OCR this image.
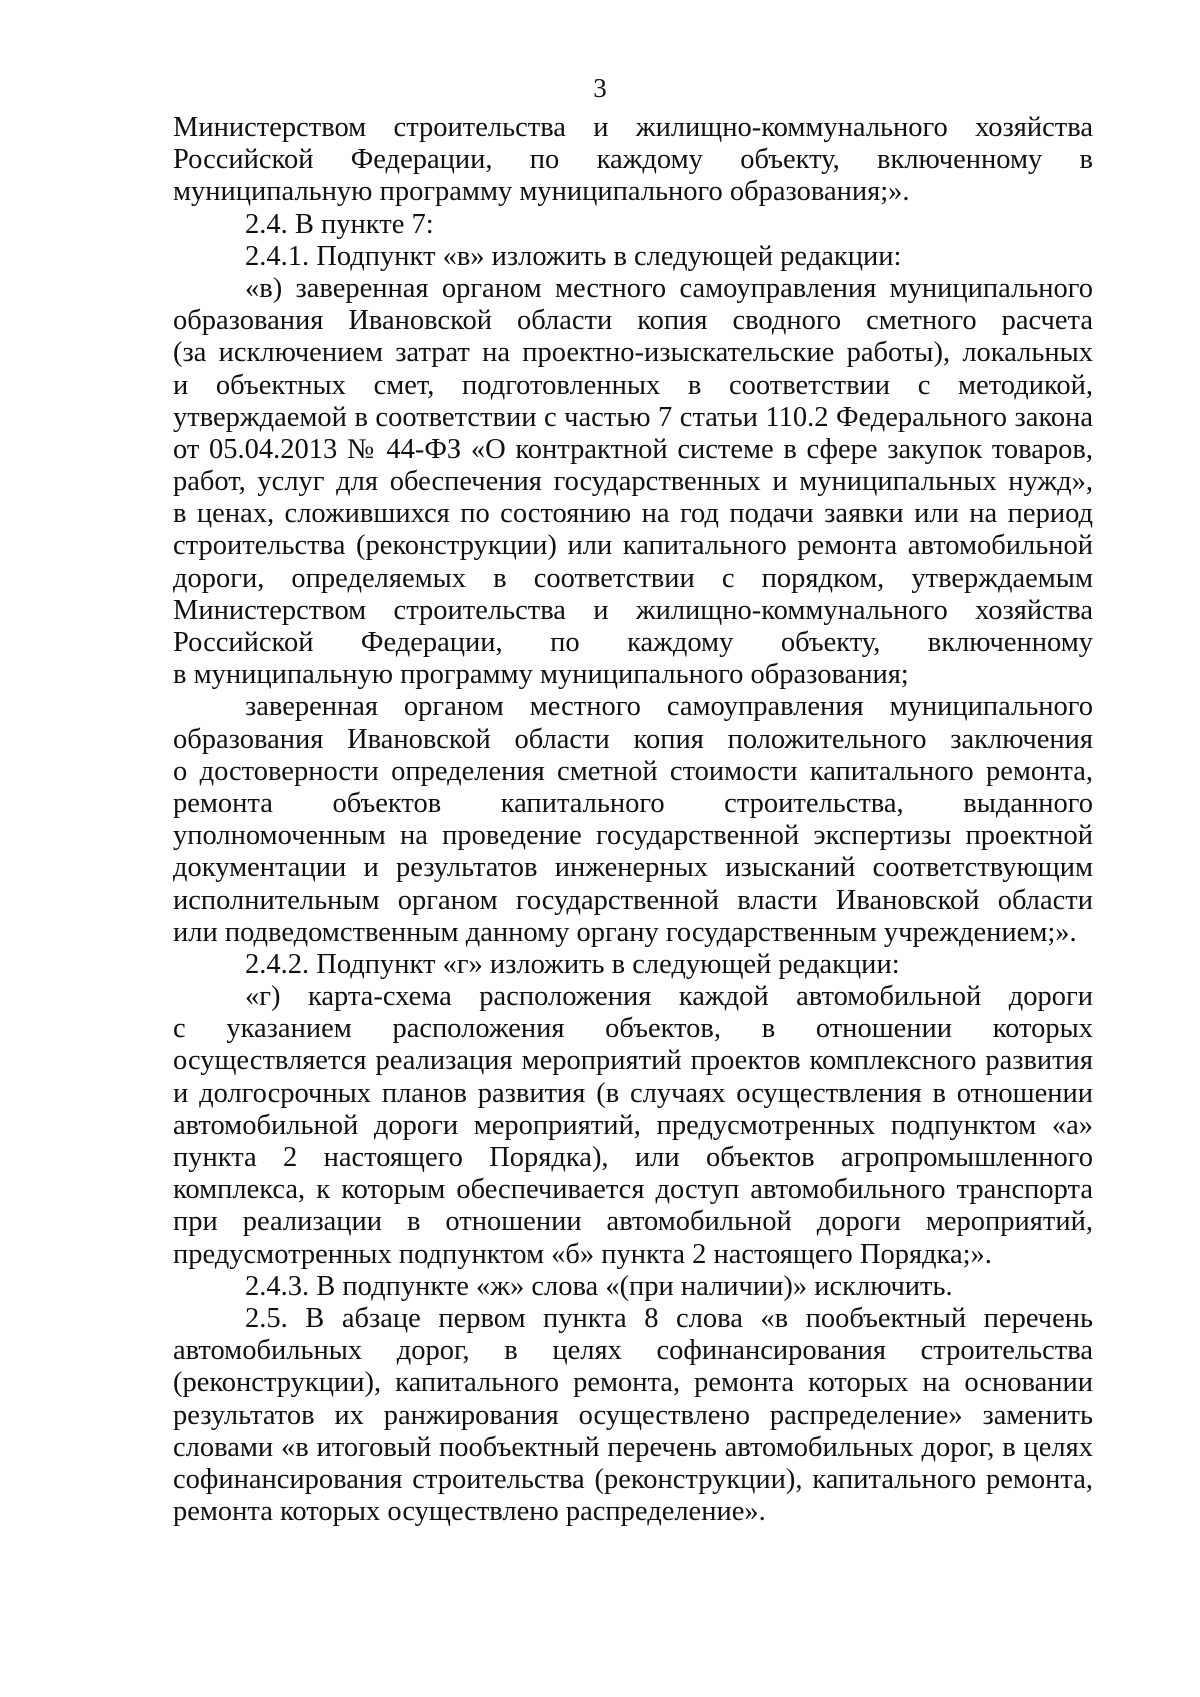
3
Министерством строительства и жилищно-коммунального хозяйства
Российской Федерации, по каждому объекту, включенному в
муниципальную программу муниципального образования;».
2.4. В пункте 7:
2.4.1. Подпункт «в» изложить в следующей редакции:
«в) заверенная органом местного самоуправления муниципального
образования Ивановской области копия сводного сметного расчета
(за исключением затрат на проектно-изыскательские работы), локальных
и объектных смет, подготовленных в соответствии с методикой,
утверждаемой в соответствии с частью 7 статьи 110.2 Федерального закона
от 05.04.2013 № 44-ФЗ «О контрактной системе в сфере закупок товаров,
работ, услуг для обеспечения государственных и муниципальных нужд»,
в ценах, сложившихся по состоянию на год подачи заявки или на период
строительства (реконструкции) или капитального ремонта автомобильной
дороги, определяемых в соответствии с порядком, утверждаемым
Министерством строительства и жилищно-коммунального хозяйства
Российской Федерации, по каждому объекту, включенному
в муниципальную программу муниципального образования;
заверенная органом местного самоуправления муниципального
образования Ивановской области копия положительного заключения
о достоверности определения сметной стоимости капитального ремонта,
ремонта объектов капитального строительства, выданного
уполномоченным на проведение государственной экспертизы проектной
документации и результатов инженерных изысканий соответствующим
исполнительным органом государственной власти Ивановской области
или подведомственным данному органу государственным учреждением;».
2.4.2. Подпункт «г» изложить в следующей редакции:
«г) карта-схема расположения каждой автомобильной дороги
с указанием расположения объектов, в отношении которых
осуществляется реализация мероприятий проектов комплексного развития
и долгосрочных планов развития (в случаях осуществления в отношении
автомобильной дороги мероприятий, предусмотренных подпунктом «а»
пункта 2 настоящего Порядка), или объектов агропромышленного
комплекса, к которым обеспечивается доступ автомобильного транспорта
при реализации в отношении автомобильной дороги мероприятий,
предусмотренных подпунктом «б» пункта 2 настоящего Порядка;».
2.4.3. В подпункте «ж» слова «(при наличии)» исключить.
2.5. В абзаце первом пункта 8 слова «в пообъектный перечень
автомобильных дорог, в целях софинансирования строительства
(реконструкции), капитального ремонта, ремонта которых на основании
результатов их ранжирования осуществлено распределение» заменить
словами «в итоговый пообъектный перечень автомобильных дорог, в целях
софинансирования строительства (реконструкции), капитального ремонта,
ремонта которых осуществлено распределение».
